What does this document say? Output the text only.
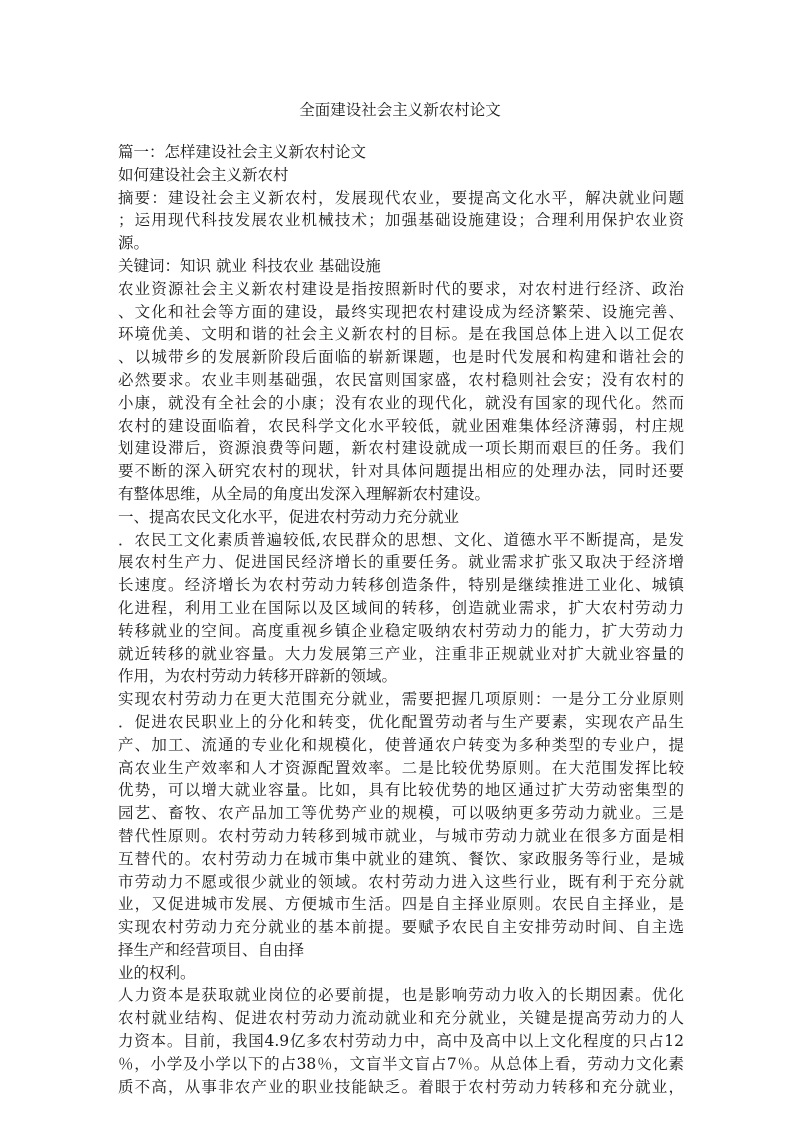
全面建设社会主义新农村论文
篇一：怎样建设社会主义新农村论文
如何建设社会主义新农村
摘要：建设社会主义新农村，发展现代农业，要提高文化水平，解决就业问题
；运用现代科技发展农业机械技术；加强基础设施建设；合理利用保护农业资
源。
关键词：知识 就业 科技农业 基础设施
农业资源社会主义新农村建设是指按照新时代的要求，对农村进行经济、政治
、文化和社会等方面的建设，最终实现把农村建设成为经济繁荣、设施完善、
环境优美、文明和谐的社会主义新农村的目标。是在我国总体上进入以工促农
、以城带乡的发展新阶段后面临的崭新课题，也是时代发展和构建和谐社会的
必然要求。农业丰则基础强，农民富则国家盛，农村稳则社会安；没有农村的
小康，就没有全社会的小康；没有农业的现代化，就没有国家的现代化。然而
农村的建设面临着，农民科学文化水平较低，就业困难集体经济薄弱，村庄规
划建设滞后，资源浪费等问题，新农村建设就成一项长期而艰巨的任务。我们
要不断的深入研究农村的现状，针对具体问题提出相应的处理办法，同时还要
有整体思维，从全局的角度出发深入理解新农村建设。
一、提高农民文化水平，促进农村劳动力充分就业
．农民工文化素质普遍较低,农民群众的思想、文化、道德水平不断提高，是发
展农村生产力、促进国民经济增长的重要任务。就业需求扩张又取决于经济增
长速度。经济增长为农村劳动力转移创造条件，特别是继续推进工业化、城镇
化进程，利用工业在国际以及区域间的转移，创造就业需求，扩大农村劳动力
转移就业的空间。高度重视乡镇企业稳定吸纳农村劳动力的能力，扩大劳动力
就近转移的就业容量。大力发展第三产业，注重非正规就业对扩大就业容量的
作用，为农村劳动力转移开辟新的领域。
实现农村劳动力在更大范围充分就业，需要把握几项原则：一是分工分业原则
．促进农民职业上的分化和转变，优化配置劳动者与生产要素，实现农产品生
产、加工、流通的专业化和规模化，使普通农户转变为多种类型的专业户，提
高农业生产效率和人才资源配置效率。二是比较优势原则。在大范围发挥比较
优势，可以增大就业容量。比如，具有比较优势的地区通过扩大劳动密集型的
园艺、畜牧、农产品加工等优势产业的规模，可以吸纳更多劳动力就业。三是
替代性原则。农村劳动力转移到城市就业，与城市劳动力就业在很多方面是相
互替代的。农村劳动力在城市集中就业的建筑、餐饮、家政服务等行业，是城
市劳动力不愿或很少就业的领域。农村劳动力进入这些行业，既有利于充分就
业，又促进城市发展、方便城市生活。四是自主择业原则。农民自主择业，是
实现农村劳动力充分就业的基本前提。要赋予农民自主安排劳动时间、自主选
择生产和经营项目、自由择
业的权利。
人力资本是获取就业岗位的必要前提，也是影响劳动力收入的长期因素。优化
农村就业结构、促进农村劳动力流动就业和充分就业，关键是提高劳动力的人
力资本。目前，我国4.9亿多农村劳动力中，高中及高中以上文化程度的只占12
％，小学及小学以下的占38％，文盲半文盲占7％。从总体上看，劳动力文化素
质不高，从事非农产业的职业技能缺乏。着眼于农村劳动力转移和充分就业，
